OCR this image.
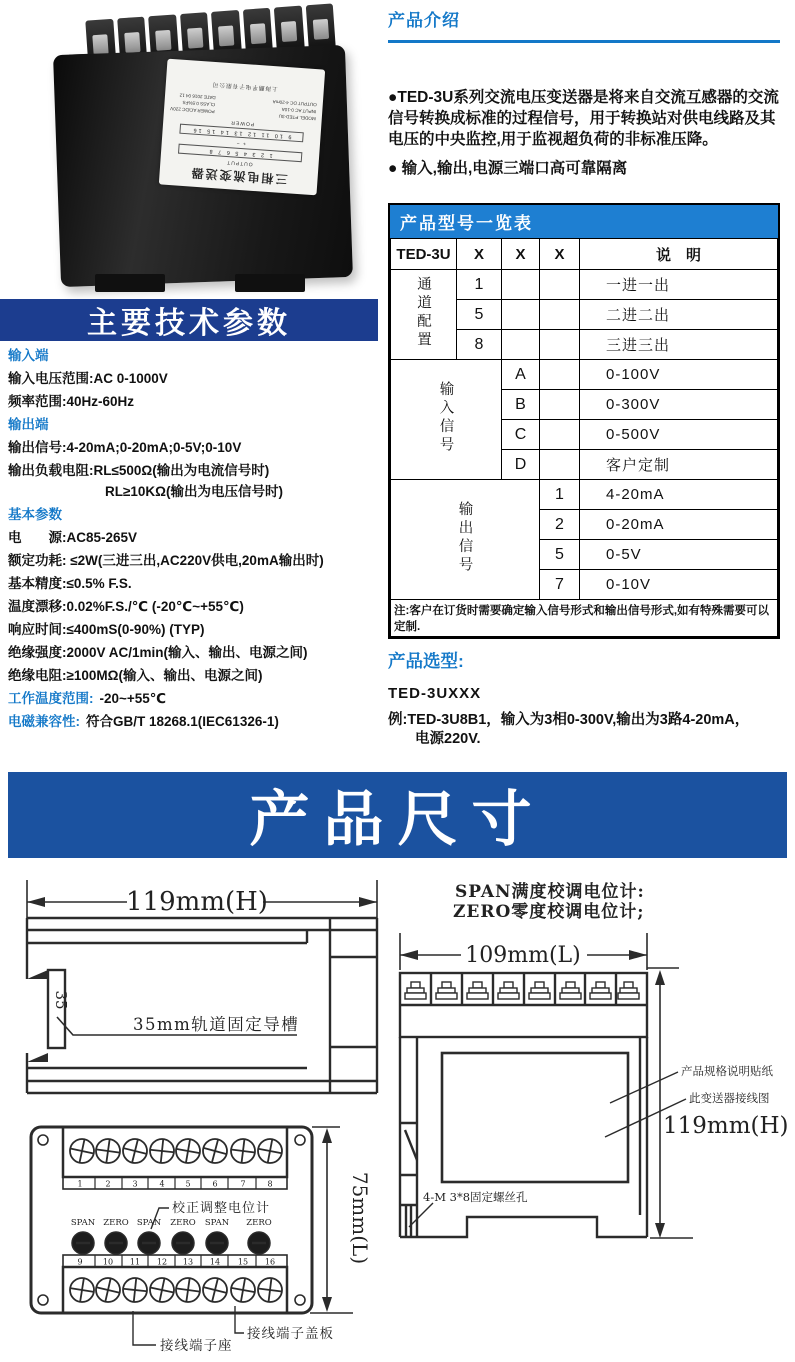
三相电流变送器
OUTPUT
1 2 3 4 5 6 7 8
+ −
9 10 11 12 13 14 15 16
POWER
MODEL PTED-3U
INPUT AC 0-10A
OUTPUT DC 4-20mA
POWER AC/DC 220V
CLASS 0.5%FS
DATE 2016 04 12
上海鹏孚电子有限公司
主要技术参数
输入端
输入电压范围:AC 0-1000V
频率范围:40Hz-60Hz
输出端
输出信号:4-20mA;0-20mA;0-5V;0-10V
输出负载电阻:RL≤500Ω(输出为电流信号时)
RL≥10KΩ(输出为电压信号时)
基本参数
电　　源:AC85-265V
额定功耗: ≤2W(三进三出,AC220V供电,20mA输出时)
基本精度:≤0.5% F.S.
温度漂移:0.02%F.S./℃ (-20℃~+55℃)
响应时间:≤400mS(0-90%) (TYP)
绝缘强度:2000V AC/1min(输入、输出、电源之间)
绝缘电阻:≥100MΩ(输入、输出、电源之间)
工作温度范围: -20~+55℃
电磁兼容性: 符合GB/T 18268.1(IEC61326-1)
产品介绍

●TED-3U系列交流电压变送器是将来自交流互感器的交流信号转换成标准的过程信号，用于转换站对供电线路及其电压的中央监控,用于监视超负荷的非标准压降。

● 输入,输出,电源三端口高可靠隔离

产品型号一览表
TED-3U	X	X	X	说　明
通道配置	1			一进一出
	5			二进二出
	8			三进三出
输入信号		A		0-100V
		B		0-300V
		C		0-500V
		D		客户定制
输出信号			1	4-20mA
			2	0-20mA
			5	0-5V
			7	0-10V
注:客户在订货时需要确定输入信号形式和输出信号形式,如有特殊需要可以定制.				
产品选型:
TED-3UXXX
例:TED-3U8B1，输入为3相0-300V,输出为3路4-20mA，
电源220V.
产品尺寸
119mm(H)
35
35mm轨道固定导槽
SPAN满度校调电位计:
ZERO零度校调电位计;
109mm(L)
119mm(H)
产品规格说明贴纸
此变送器接线图
4-M 3*8固定螺丝孔
1	2	3	4	5	6	7	8
9	10 11 12 13 14 15 16
SPAN ZERO SPAN ZERO SPAN ZERO
校正调整电位计	75mm(L)
接线端子座
接线端子盖板
